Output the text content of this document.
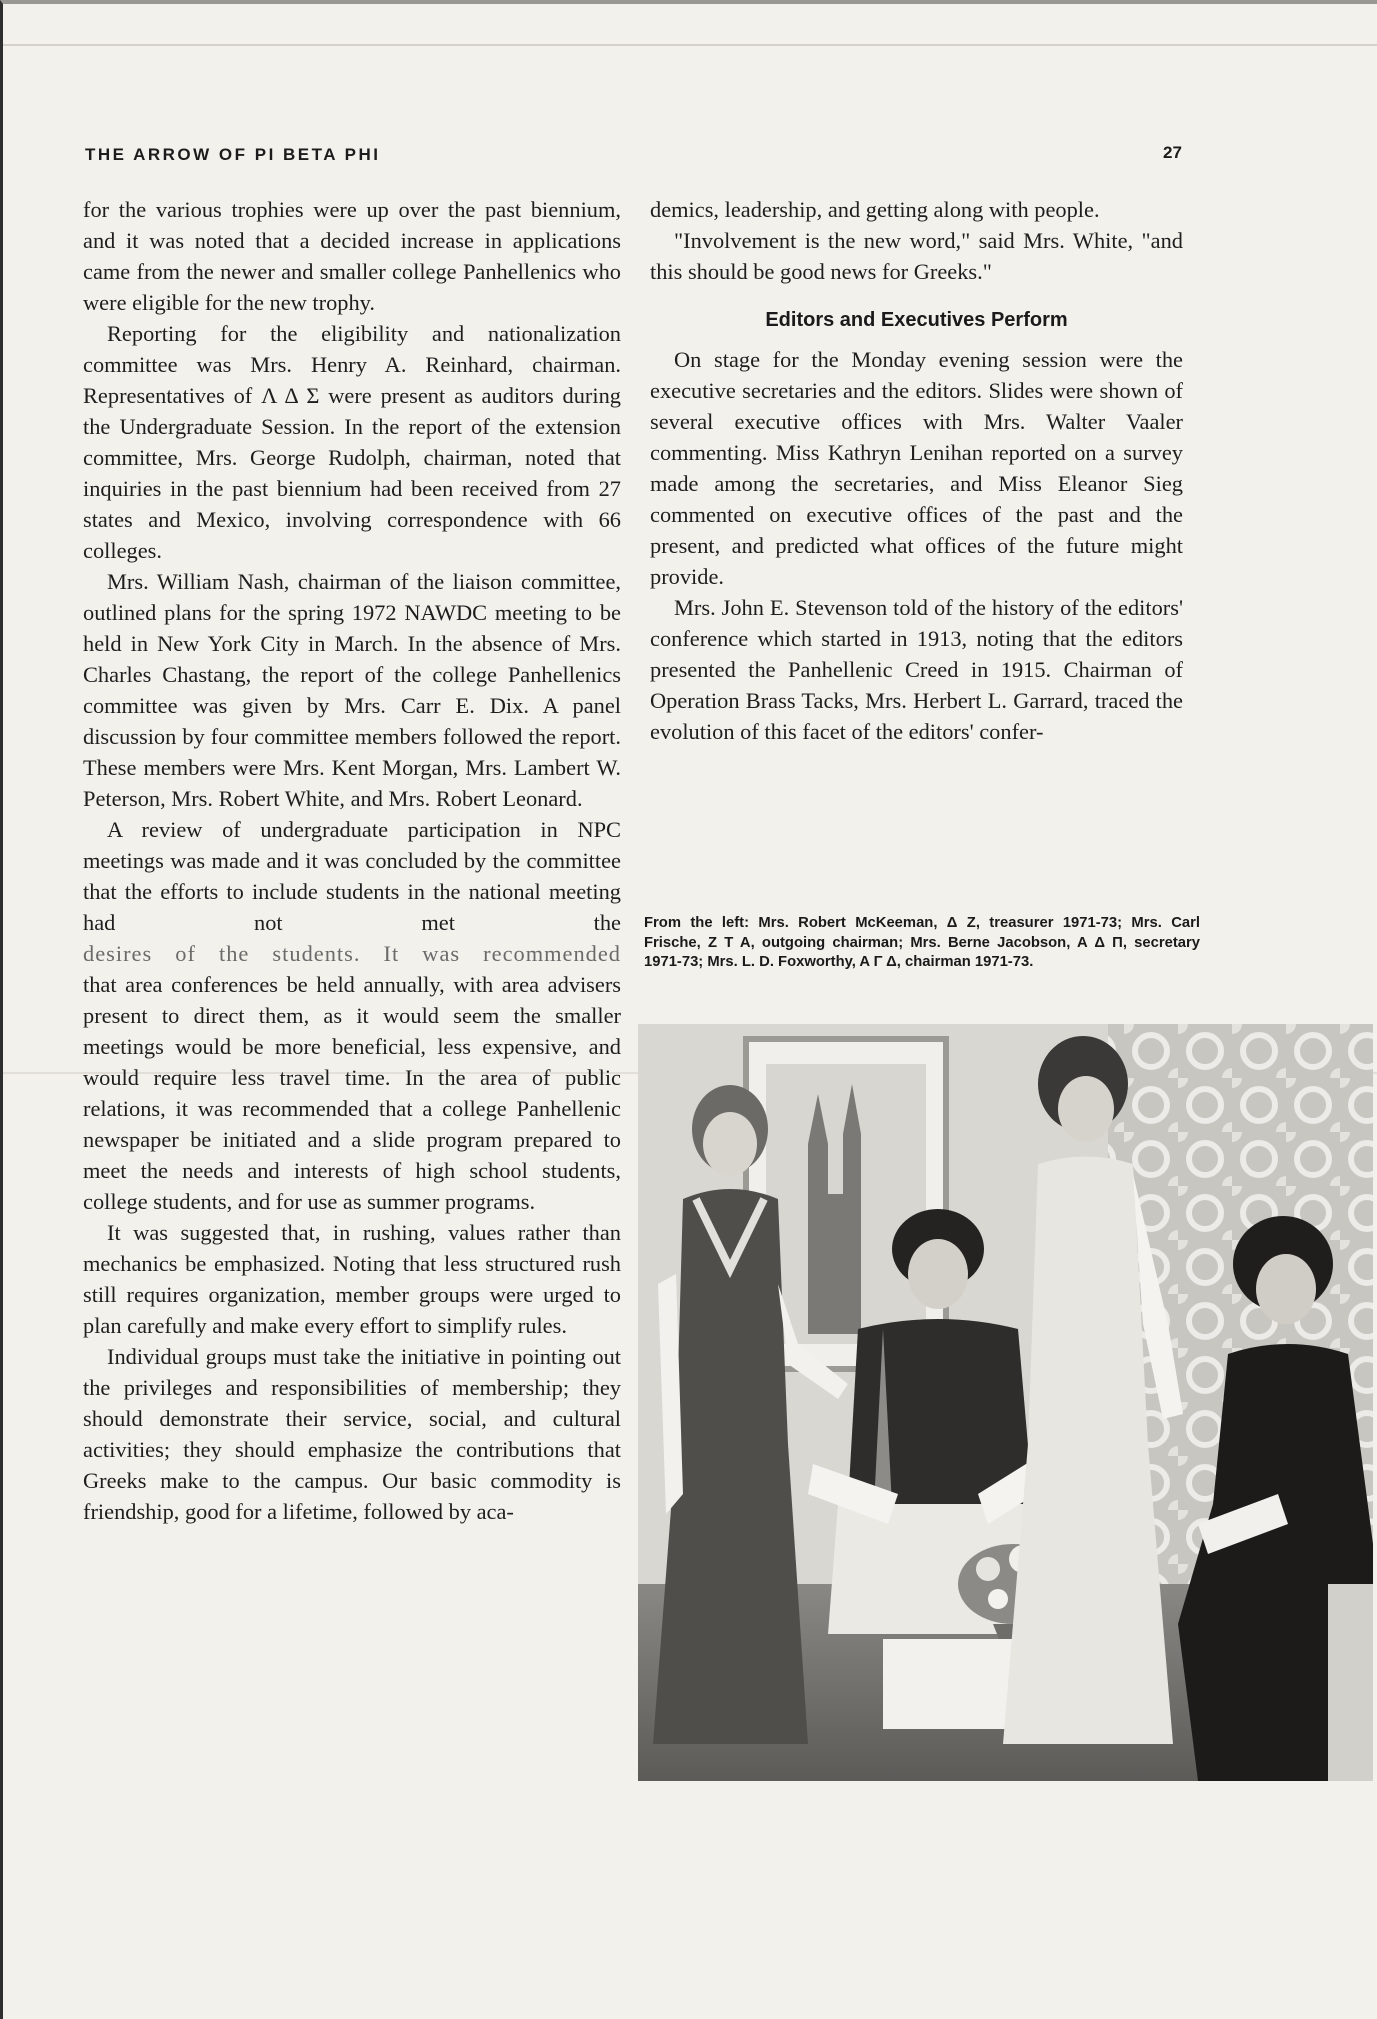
THE ARROW OF PI BETA PHI	27

for the various trophies were up over the past biennium, and it was noted that a decided increase in applications came from the newer and smaller college Panhellenics who were eligible for the new trophy.

Reporting for the eligibility and nationalization committee was Mrs. Henry A. Reinhard, chairman. Representatives of Λ Δ Σ were present as auditors during the Undergraduate Session. In the report of the extension committee, Mrs. George Rudolph, chairman, noted that inquiries in the past biennium had been received from 27 states and Mexico, involving correspondence with 66 colleges.

Mrs. William Nash, chairman of the liaison committee, outlined plans for the spring 1972 NAWDC meeting to be held in New York City in March. In the absence of Mrs. Charles Chastang, the report of the college Panhellenics committee was given by Mrs. Carr E. Dix. A panel discussion by four committee members followed the report. These members were Mrs. Kent Morgan, Mrs. Lambert W. Peterson, Mrs. Robert White, and Mrs. Robert Leonard.

A review of undergraduate participation in NPC meetings was made and it was concluded by the committee that the efforts to include students in the national meeting had not met the

desires of the students. It was recommended

that area conferences be held annually, with area advisers present to direct them, as it would seem the smaller meetings would be more beneficial, less expensive, and would require less travel time. In the area of public relations, it was recommended that a college Panhellenic newspaper be initiated and a slide program prepared to meet the needs and interests of high school students, college students, and for use as summer programs.

It was suggested that, in rushing, values rather than mechanics be emphasized. Noting that less structured rush still requires organization, member groups were urged to plan carefully and make every effort to simplify rules.

Individual groups must take the initiative in pointing out the privileges and responsibilities of membership; they should demonstrate their service, social, and cultural activities; they should emphasize the contributions that Greeks make to the campus. Our basic commodity is friendship, good for a lifetime, followed by aca-

demics, leadership, and getting along with people.

"Involvement is the new word," said Mrs. White, "and this should be good news for Greeks."

Editors and Executives Perform

On stage for the Monday evening session were the executive secretaries and the editors. Slides were shown of several executive offices with Mrs. Walter Vaaler commenting. Miss Kathryn Lenihan reported on a survey made among the secretaries, and Miss Eleanor Sieg commented on executive offices of the past and the present, and predicted what offices of the future might provide.

Mrs. John E. Stevenson told of the history of the editors' conference which started in 1913, noting that the editors presented the Panhellenic Creed in 1915. Chairman of Operation Brass Tacks, Mrs. Herbert L. Garrard, traced the evolution of this facet of the editors' confer-

From the left: Mrs. Robert McKeeman, Δ Z, treasurer 1971-73; Mrs. Carl Frische, Z T A, outgoing chairman; Mrs. Berne Jacobson, A Δ Π, secretary 1971-73; Mrs. L. D. Foxworthy, A Γ Δ, chairman 1971-73.
